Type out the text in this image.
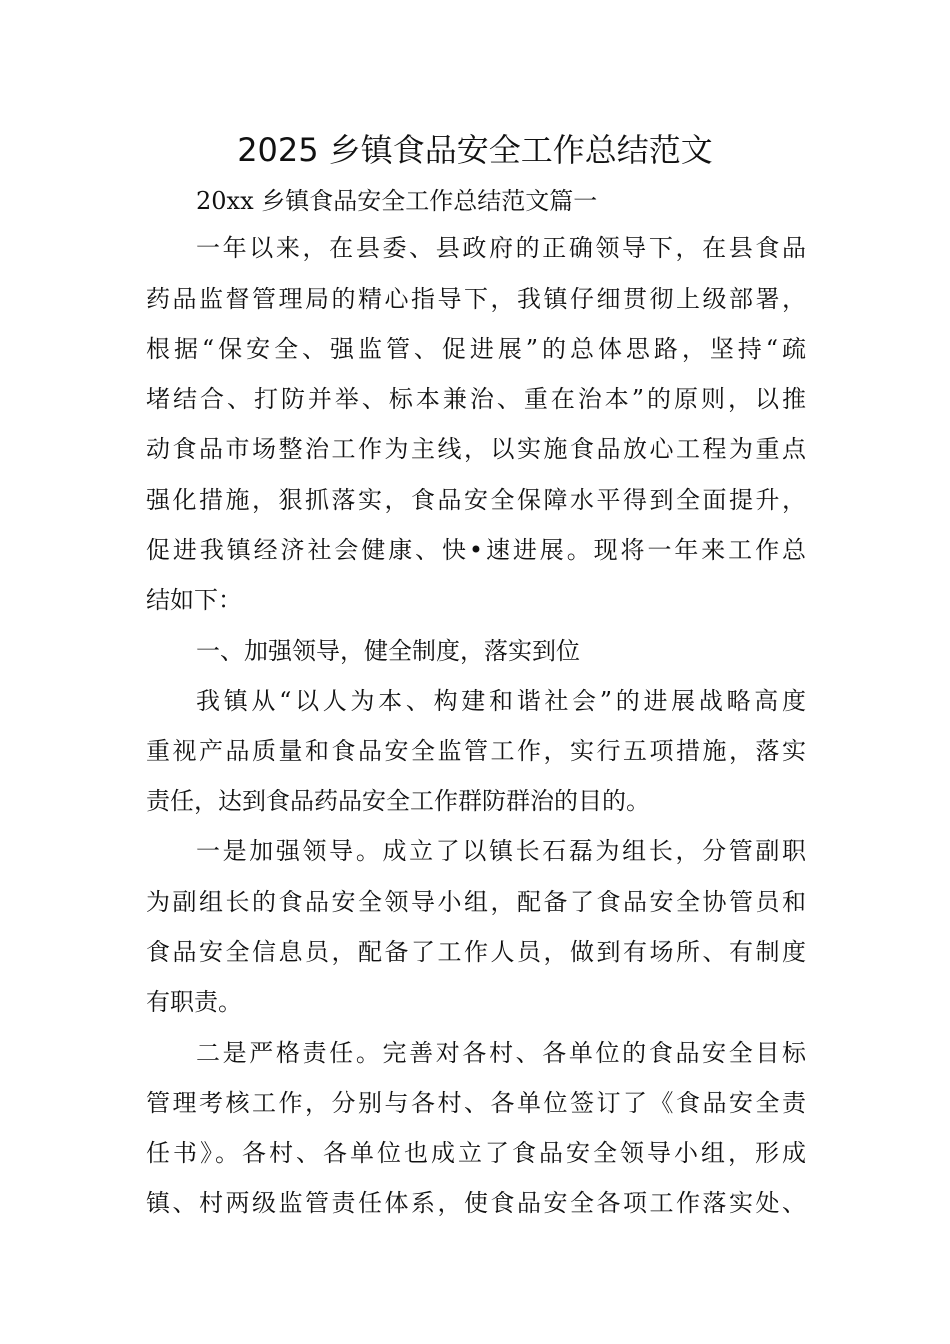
2025 乡镇食品安全工作总结范文

20xx 乡镇食品安全工作总结范文篇一

一年以来，在县委、县政府的正确领导下，在县食品

药品监督管理局的精心指导下，我镇仔细贯彻上级部署，

根据“保安全、强监管、促进展”的总体思路，坚持“疏

堵结合、打防并举、标本兼治、重在治本”的原则，以推

动食品市场整治工作为主线，以实施食品放心工程为重点

强化措施，狠抓落实，食品安全保障水平得到全面提升，

促进我镇经济社会健康、快•速进展。现将一年来工作总

结如下：

一、加强领导，健全制度，落实到位

我镇从“以人为本、构建和谐社会”的进展战略高度

重视产品质量和食品安全监管工作，实行五项措施，落实

责任，达到食品药品安全工作群防群治的目的。

一是加强领导。成立了以镇长石磊为组长，分管副职

为副组长的食品安全领导小组，配备了食品安全协管员和

食品安全信息员，配备了工作人员，做到有场所、有制度

有职责。

二是严格责任。完善对各村、各单位的食品安全目标

管理考核工作，分别与各村、各单位签订了《食品安全责

任书》。各村、各单位也成立了食品安全领导小组，形成

镇、村两级监管责任体系，使食品安全各项工作落实处、
